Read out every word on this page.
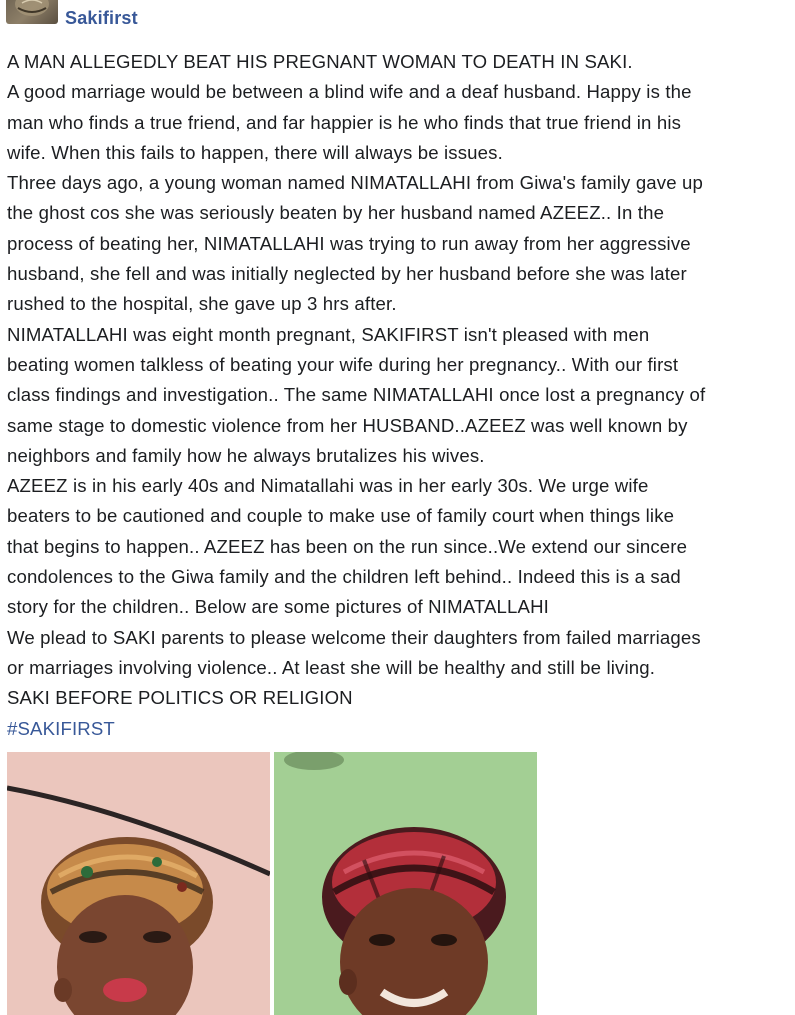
Sakifirst
A MAN ALLEGEDLY BEAT HIS PREGNANT WOMAN TO DEATH IN SAKI.
A good marriage would be between a blind wife and a deaf husband. Happy is the
man who finds a true friend, and far happier is he who finds that true friend in his
wife. When this fails to happen, there will always be issues.
Three days ago, a young woman named NIMATALLAHI from Giwa's family gave up
the ghost cos she was seriously beaten by her husband named AZEEZ.. In the
process of beating her, NIMATALLAHI was trying to run away from her aggressive
husband, she fell and was initially neglected by her husband before she was later
rushed to the hospital, she gave up 3 hrs after.
NIMATALLAHI was eight month pregnant, SAKIFIRST isn't pleased with men
beating women talkless of beating your wife during her pregnancy.. With our first
class findings and investigation.. The same NIMATALLAHI once lost a pregnancy of
same stage to domestic violence from her HUSBAND..AZEEZ was well known by
neighbors and family how he always brutalizes his wives.
AZEEZ is in his early 40s and Nimatallahi was in her early 30s. We urge wife
beaters to be cautioned and couple to make use of family court when things like
that begins to happen.. AZEEZ has been on the run since..We extend our sincere
condolences to the Giwa family and the children left behind.. Indeed this is a sad
story for the children.. Below are some pictures of NIMATALLAHI
We plead to SAKI parents to please welcome their daughters from failed marriages
or marriages involving violence.. At least she will be healthy and still be living.
SAKI BEFORE POLITICS OR RELIGION
#SAKIFIRST
